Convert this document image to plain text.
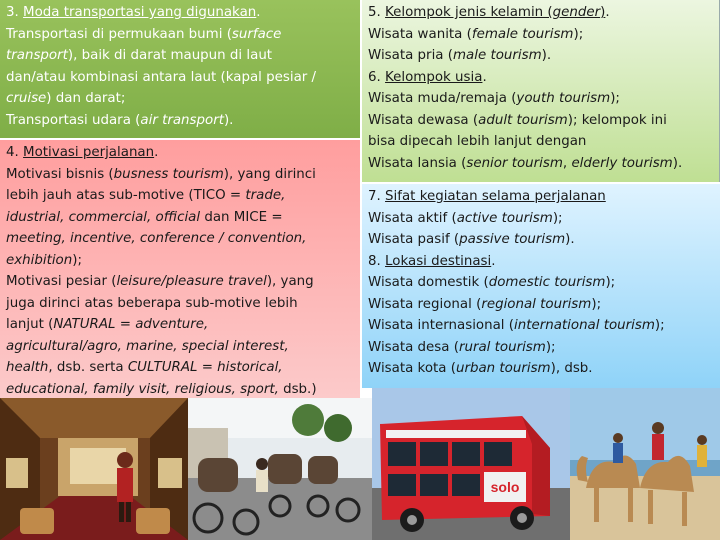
3. Moda transportasi yang digunakan.

Transportasi di permukaan bumi (surface

transport), baik di darat maupun di laut

dan/atau kombinasi antara laut (kapal pesiar /

cruise) dan darat;

Transportasi udara (air transport).

4. Motivasi perjalanan.

Motivasi bisnis (busness tourism), yang dirinci

lebih jauh atas sub-motive (TICO = trade,

idustrial, commercial, official dan MICE =

meeting, incentive, conference / convention,

exhibition);

Motivasi pesiar (leisure/pleasure travel), yang

juga dirinci atas beberapa sub-motive lebih

lanjut (NATURAL = adventure,

agricultural/agro, marine, special interest,

health, dsb. serta CULTURAL = historical,

educational, family visit, religious, sport, dsb.)

5. Kelompok jenis kelamin (gender).

Wisata wanita (female tourism);

Wisata pria (male tourism).

6. Kelompok usia.

Wisata muda/remaja (youth tourism);

Wisata dewasa (adult tourism); kelompok ini

bisa dipecah lebih lanjut dengan

Wisata lansia (senior tourism, elderly tourism).

7. Sifat kegiatan selama perjalanan

Wisata aktif (active tourism);

Wisata pasif (passive tourism).

8. Lokasi destinasi.

Wisata domestik (domestic tourism);

Wisata regional (regional tourism);

Wisata internasional (international tourism);

Wisata desa (rural tourism);

Wisata kota (urban tourism), dsb.

solo
